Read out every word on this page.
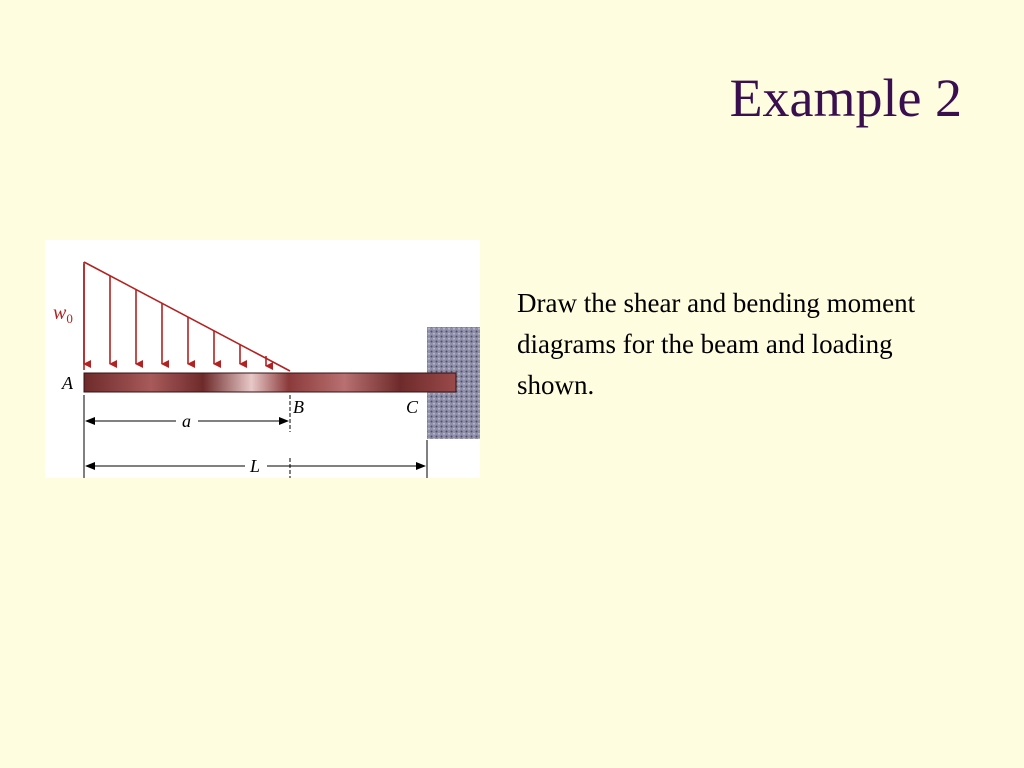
Example 2
$w_0$
A
B	C
a
L
Draw the shear and bending moment diagrams for the beam and loading shown.
